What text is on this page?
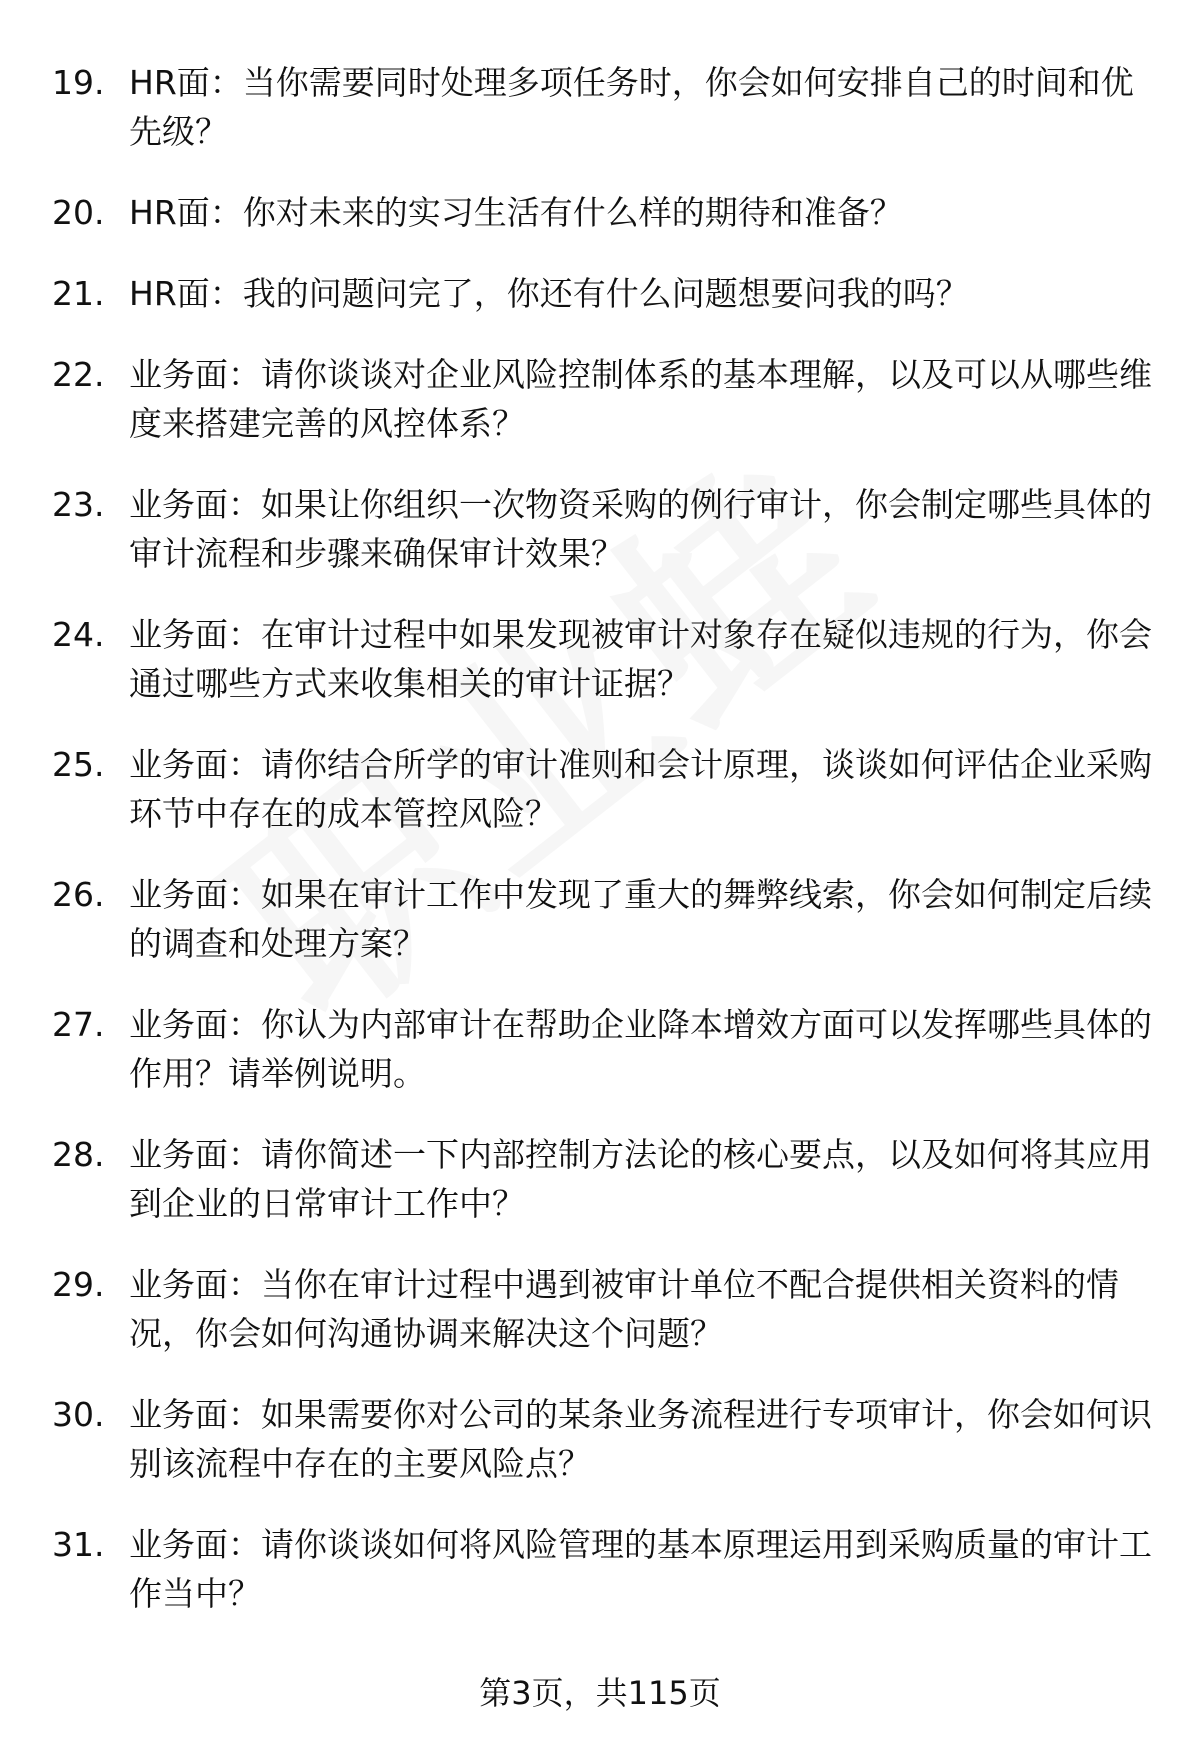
19. HR面：当你需要同时处理多项任务时，你会如何安排自己的时间和优先级？
20. HR面：你对未来的实习生活有什么样的期待和准备？
21. HR面：我的问题问完了，你还有什么问题想要问我的吗？
22. 业务面：请你谈谈对企业风险控制体系的基本理解，以及可以从哪些维度来搭建完善的风控体系？
23. 业务面：如果让你组织一次物资采购的例行审计，你会制定哪些具体的审计流程和步骤来确保审计效果？
24. 业务面：在审计过程中如果发现被审计对象存在疑似违规的行为，你会通过哪些方式来收集相关的审计证据？
25. 业务面：请你结合所学的审计准则和会计原理，谈谈如何评估企业采购环节中存在的成本管控风险？
26. 业务面：如果在审计工作中发现了重大的舞弊线索，你会如何制定后续的调查和处理方案？
27. 业务面：你认为内部审计在帮助企业降本增效方面可以发挥哪些具体的作用？请举例说明。
28. 业务面：请你简述一下内部控制方法论的核心要点，以及如何将其应用到企业的日常审计工作中？
29. 业务面：当你在审计过程中遇到被审计单位不配合提供相关资料的情况，你会如何沟通协调来解决这个问题？
30. 业务面：如果需要你对公司的某条业务流程进行专项审计，你会如何识别该流程中存在的主要风险点？
31. 业务面：请你谈谈如何将风险管理的基本原理运用到采购质量的审计工作当中？
第3页，共115页
